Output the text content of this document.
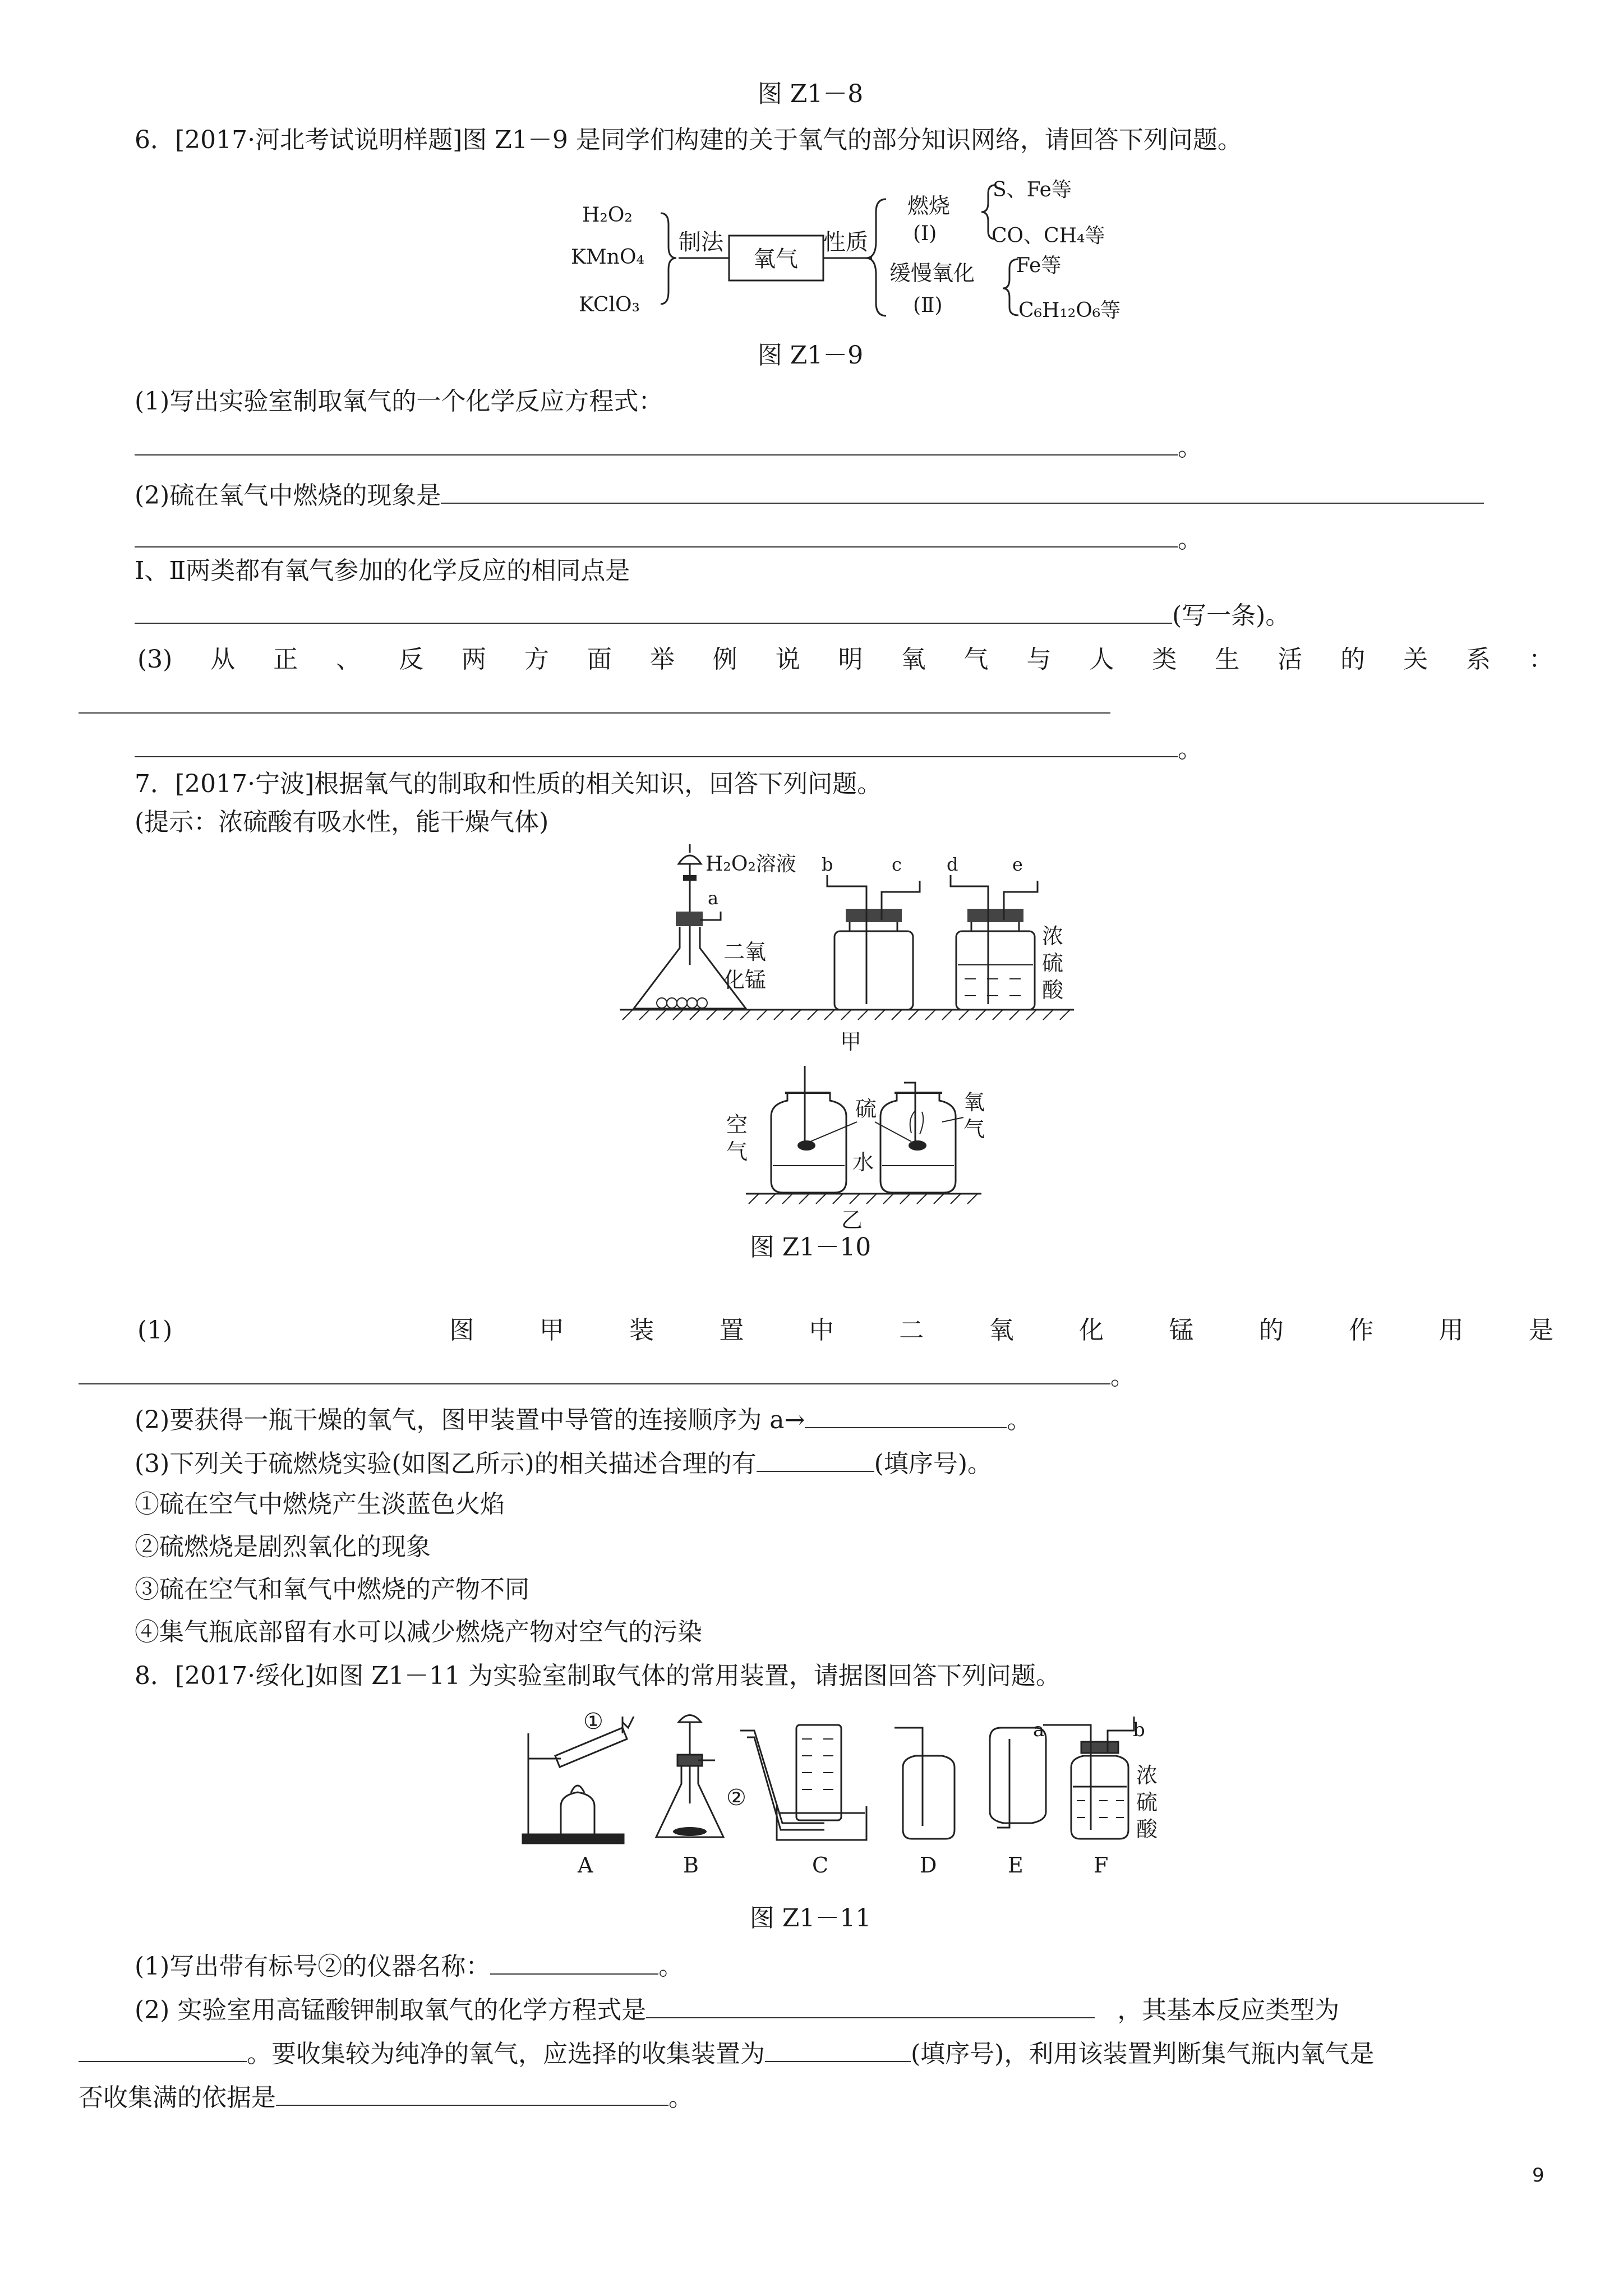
图 Z1－8
6．[2017·河北考试说明样题]图 Z1－9 是同学们构建的关于氧气的部分知识网络，请回答下列问题。
H₂O₂
KMnO₄
KClO₃
制法
氧气
性质
燃烧
(Ⅰ)
S、Fe等
CO、CH₄等
缓慢氧化
(Ⅱ)
Fe等
C₆H₁₂O₆等
图 Z1－9
(1)写出实验室制取氧气的一个化学反应方程式：
。
(2)硫在氧气中燃烧的现象是
。
Ⅰ、Ⅱ两类都有氧气参加的化学反应的相同点是
(写一条)。
(3) 从 正 、 反 两 方 面 举 例 说 明 氧 气 与 人 类 生 活 的 关 系 ：
。
7．[2017·宁波]根据氧气的制取和性质的相关知识，回答下列问题。
(提示：浓硫酸有吸水性，能干燥气体)
H₂O₂溶液
a
二氧
化锰
b	c	d	e
浓
硫
酸
甲
空
气
硫
水
氧
气
乙
图 Z1－10
(1)	图	甲	装	置	中	二	氧	化	锰	的	作	用	是
。
(2)要获得一瓶干燥的氧气，图甲装置中导管的连接顺序为 a→	。
(3)下列关于硫燃烧实验(如图乙所示)的相关描述合理的有	(填序号)。
①硫在空气中燃烧产生淡蓝色火焰
②硫燃烧是剧烈氧化的现象
③硫在空气和氧气中燃烧的产物不同
④集气瓶底部留有水可以减少燃烧产物对空气的污染
8．[2017·绥化]如图 Z1－11 为实验室制取气体的常用装置，请据图回答下列问题。
①
②
a	b
浓
硫
酸
A	B	C	D	E	F
图 Z1－11
(1)写出带有标号②的仪器名称：	。
(2) 实验室用高锰酸钾制取氧气的化学方程式是	，其基本反应类型为
。要收集较为纯净的氧气，应选择的收集装置为	(填序号)，利用该装置判断集气瓶内氧气是
否收集满的依据是	。
9
